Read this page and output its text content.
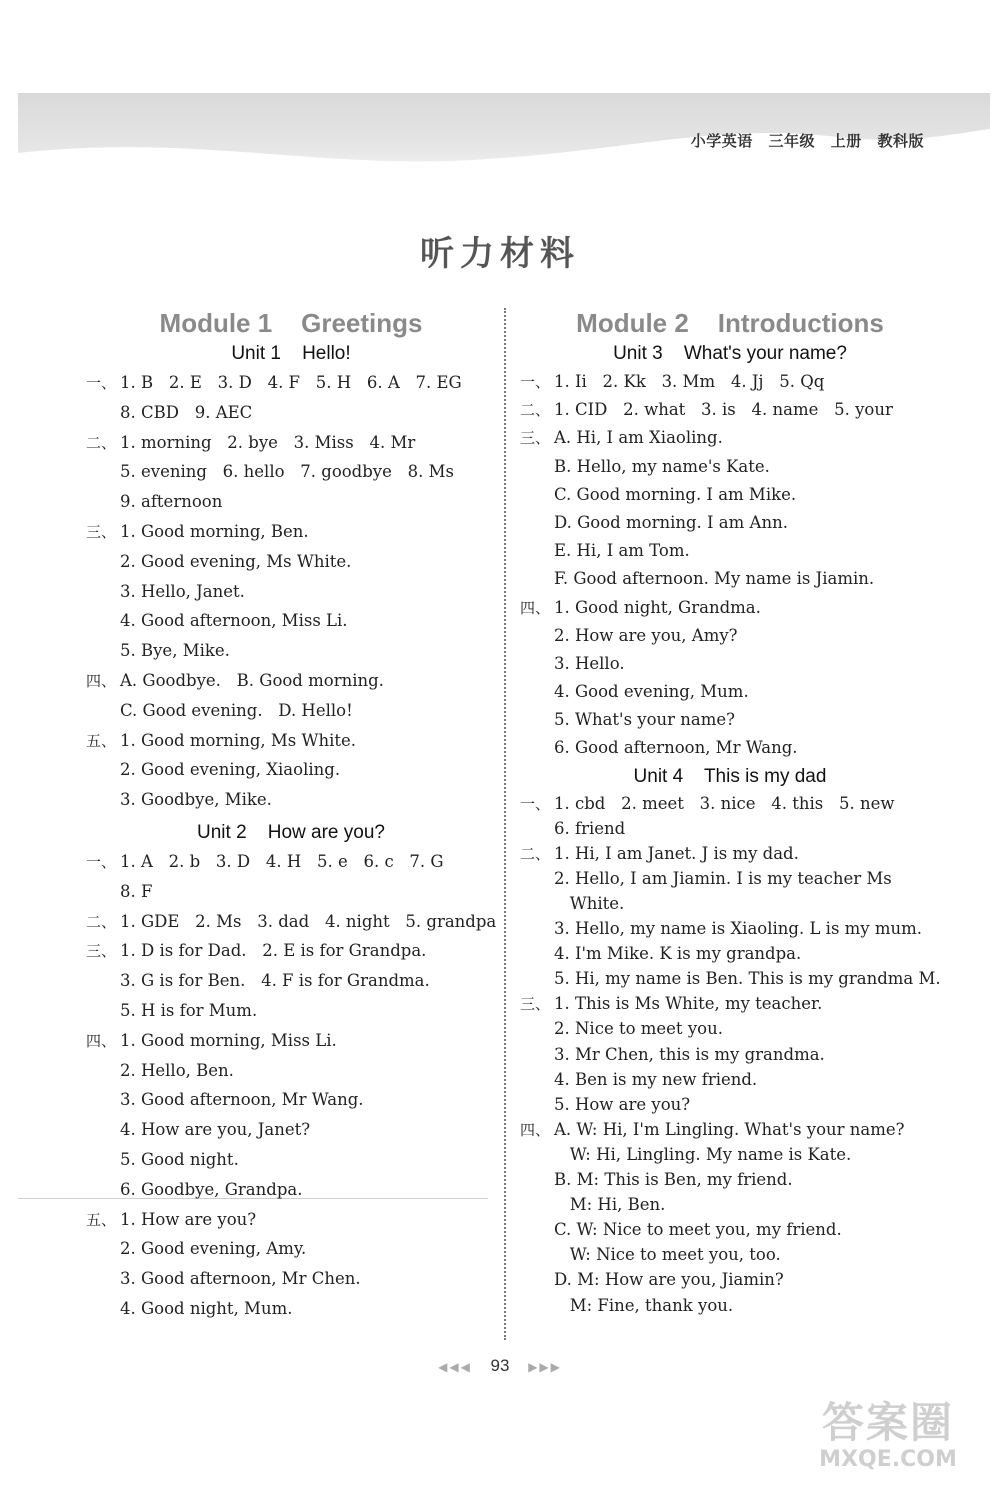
小学英语 三年级 上册 教科版
听力材料
Module 1    Greetings
Unit 1    Hello!
一、 1. B   2. E   3. D   4. F   5. H   6. A   7. EG
8. CBD   9. AEC
二、 1. morning   2. bye   3. Miss   4. Mr
5. evening   6. hello   7. goodbye   8. Ms
9. afternoon
三、 1. Good morning, Ben.
2. Good evening, Ms White.
3. Hello, Janet.
4. Good afternoon, Miss Li.
5. Bye, Mike.
四、 A. Goodbye.   B. Good morning.
C. Good evening.   D. Hello!
五、 1. Good morning, Ms White.
2. Good evening, Xiaoling.
3. Goodbye, Mike.
Unit 2    How are you?
一、 1. A   2. b   3. D   4. H   5. e   6. c   7. G
8. F
二、 1. GDE   2. Ms   3. dad   4. night   5. grandpa
三、 1. D is for Dad.   2. E is for Grandpa.
3. G is for Ben.   4. F is for Grandma.
5. H is for Mum.
四、 1. Good morning, Miss Li.
2. Hello, Ben.
3. Good afternoon, Mr Wang.
4. How are you, Janet?
5. Good night.
6. Goodbye, Grandpa.
五、 1. How are you?
2. Good evening, Amy.
3. Good afternoon, Mr Chen.
4. Good night, Mum.
Module 2    Introductions
Unit 3    What's your name?
一、 1. Ii   2. Kk   3. Mm   4. Jj   5. Qq
二、 1. CID   2. what   3. is   4. name   5. your
三、 A. Hi, I am Xiaoling.
B. Hello, my name's Kate.
C. Good morning. I am Mike.
D. Good morning. I am Ann.
E. Hi, I am Tom.
F. Good afternoon. My name is Jiamin.
四、 1. Good night, Grandma.
2. How are you, Amy?
3. Hello.
4. Good evening, Mum.
5. What's your name?
6. Good afternoon, Mr Wang.
Unit 4    This is my dad
一、 1. cbd   2. meet   3. nice   4. this   5. new
6. friend
二、 1. Hi, I am Janet. J is my dad.
2. Hello, I am Jiamin. I is my teacher Ms
White.
3. Hello, my name is Xiaoling. L is my mum.
4. I'm Mike. K is my grandpa.
5. Hi, my name is Ben. This is my grandma M.
三、 1. This is Ms White, my teacher.
2. Nice to meet you.
3. Mr Chen, this is my grandma.
4. Ben is my new friend.
5. How are you?
四、 A. W: Hi, I'm Lingling. What's your name?
W: Hi, Lingling. My name is Kate.
B. M: This is Ben, my friend.
M: Hi, Ben.
C. W: Nice to meet you, my friend.
W: Nice to meet you, too.
D. M: How are you, Jiamin?
M: Fine, thank you.
◀◀◀ 93 ▶▶▶
答案圈
MXQE.COM
